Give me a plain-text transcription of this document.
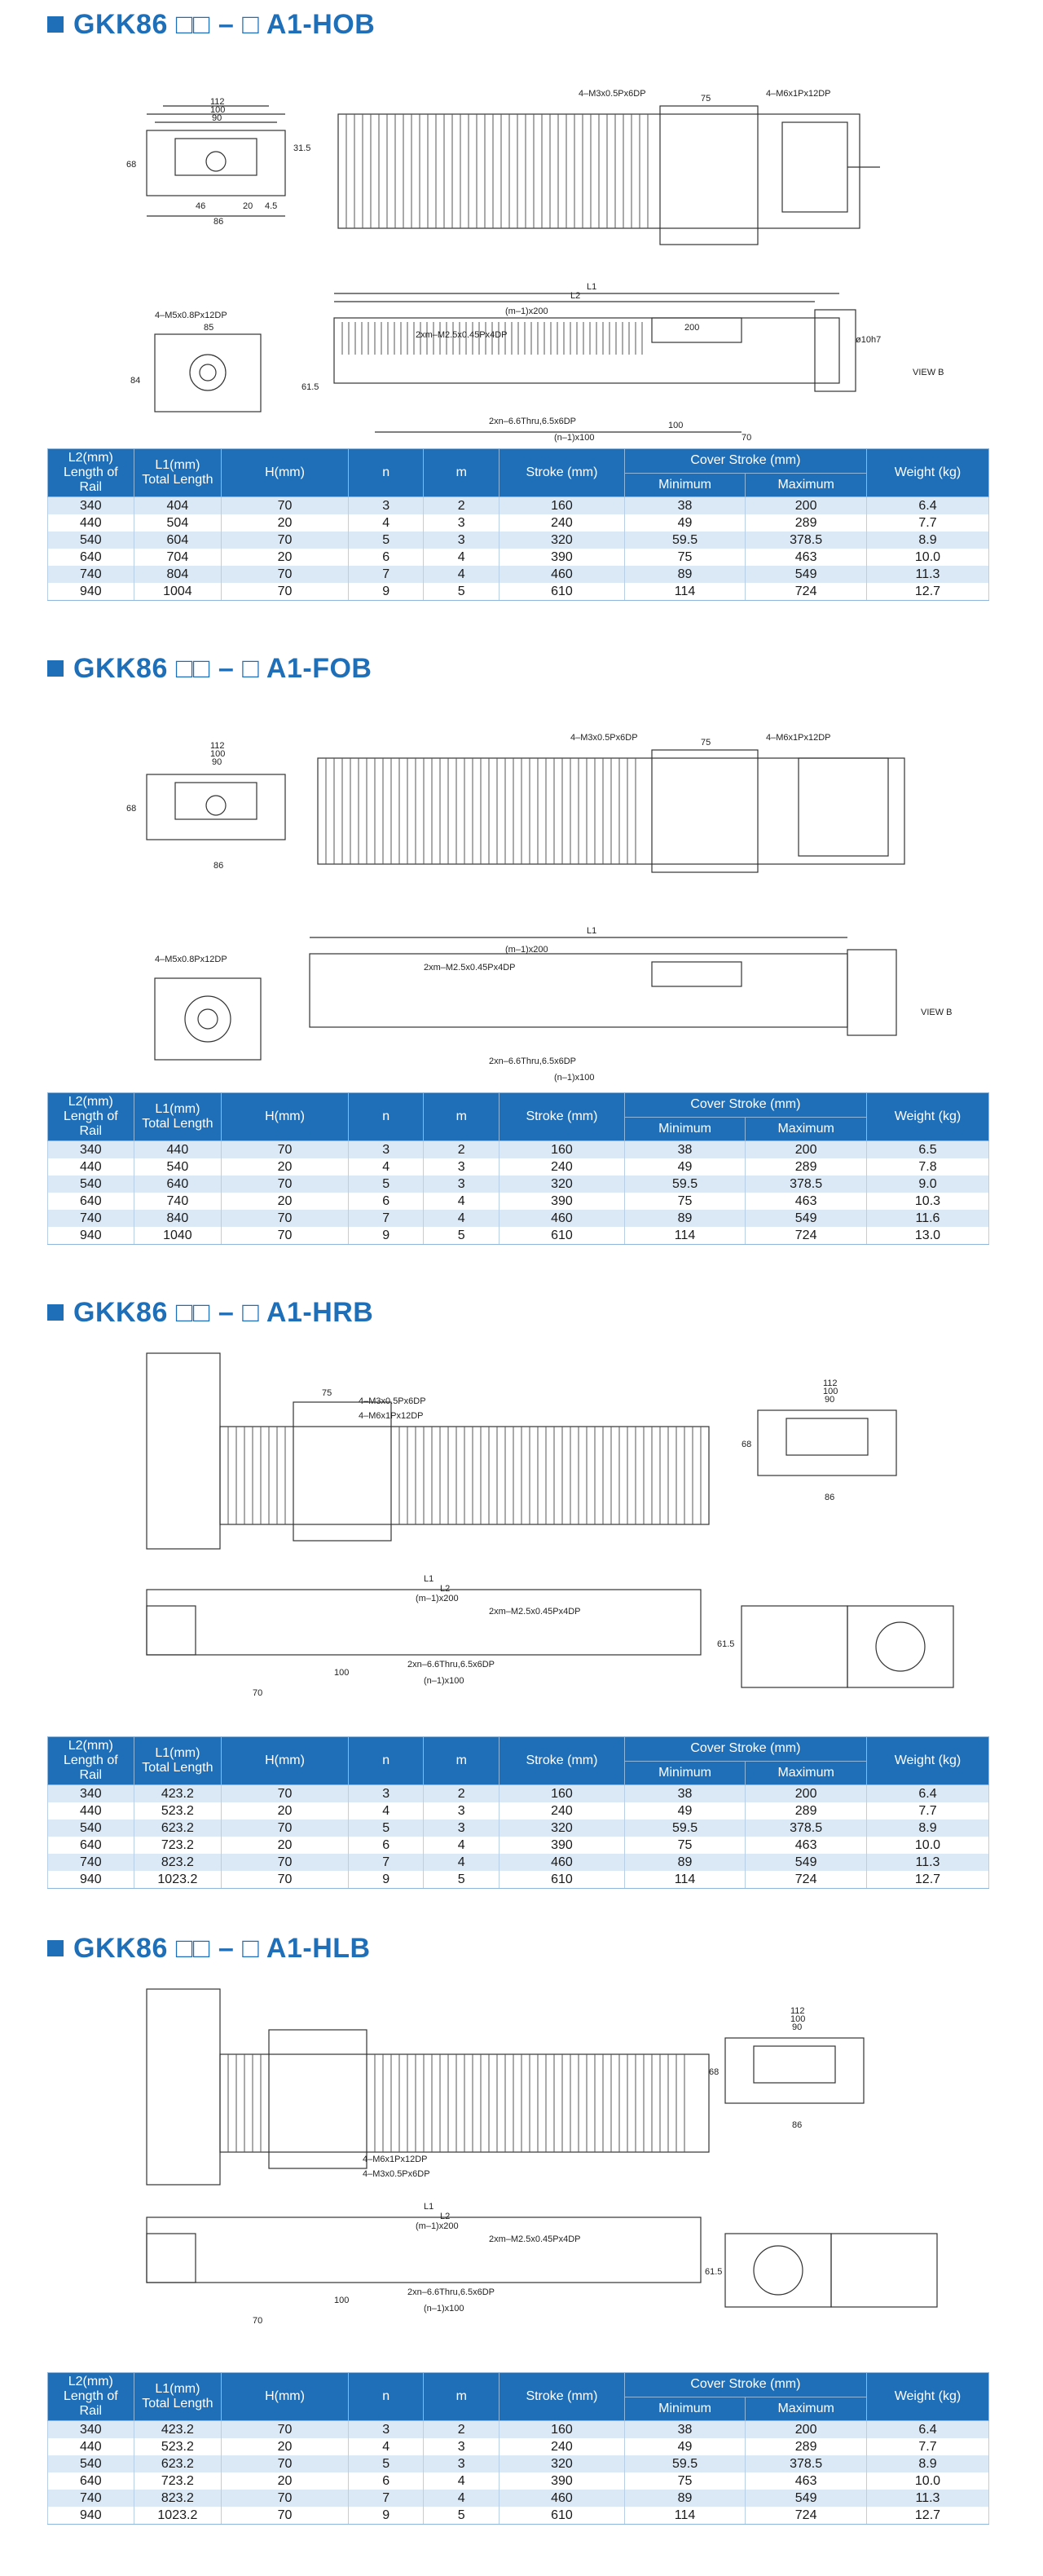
GKK86 □□ – □ A1-HOB
112
100
90
86
46	20 4.5
68
31.5
75
4–M3x0.5Px6DP	4–M6x1Px12DP
L1
L2
(m–1)x200
200
2xm–M2.5x0.45Px4DP
2xn–6.6Thru,6.5x6DP
(n–1)x100
100
70
61.5
VIEW B
4–M5x0.8Px12DP
85
84
ø10h7
L2(mm)
Length of Rail	L1(mm)
Total Length	H(mm)	n	m	Stroke (mm)	Cover Stroke (mm)		Weight (kg)
						Minimum	Maximum	
340	404	70	3	2	160	38	200	6.4
440	504	20	4	3	240	49	289	7.7
540	604	70	5	3	320	59.5	378.5	8.9
640	704	20	6	4	390	75	463	10.0
740	804	70	7	4	460	89	549	11.3
940	1004	70	9	5	610	114	724	12.7
GKK86 □□ – □ A1-FOB
112
100
90
86
68
75
4–M3x0.5Px6DP	4–M6x1Px12DP
L1
(m–1)x200
2xm–M2.5x0.45Px4DP
2xn–6.6Thru,6.5x6DP
(n–1)x100
4–M5x0.8Px12DP
VIEW B
L2(mm)
Length of Rail	L1(mm)
Total Length	H(mm)	n	m	Stroke (mm)	Cover Stroke (mm)		Weight (kg)
						Minimum	Maximum	
340	440	70	3	2	160	38	200	6.5
440	540	20	4	3	240	49	289	7.8
540	640	70	5	3	320	59.5	378.5	9.0
640	740	20	6	4	390	75	463	10.3
740	840	70	7	4	460	89	549	11.6
940	1040	70	9	5	610	114	724	13.0
GKK86 □□ – □ A1-HRB
75
4–M3x0.5Px6DP
4–M6x1Px12DP
112
100
90
86
68
L1
L2
(m–1)x200
2xm–M2.5x0.45Px4DP
2xn–6.6Thru,6.5x6DP
(n–1)x100
100
70
61.5
L2(mm)
Length of Rail	L1(mm)
Total Length	H(mm)	n	m	Stroke (mm)	Cover Stroke (mm)		Weight (kg)
						Minimum	Maximum	
340	423.2	70	3	2	160	38	200	6.4
440	523.2	20	4	3	240	49	289	7.7
540	623.2	70	5	3	320	59.5	378.5	8.9
640	723.2	20	6	4	390	75	463	10.0
740	823.2	70	7	4	460	89	549	11.3
940	1023.2	70	9	5	610	114	724	12.7
GKK86 □□ – □ A1-HLB
4–M6x1Px12DP
4–M3x0.5Px6DP
112
100
90
86
68
L1
L2
(m–1)x200
2xm–M2.5x0.45Px4DP
2xn–6.6Thru,6.5x6DP
(n–1)x100
100
70
61.5
L2(mm)
Length of Rail	L1(mm)
Total Length	H(mm)	n	m	Stroke (mm)	Cover Stroke (mm)		Weight (kg)
						Minimum	Maximum	
340	423.2	70	3	2	160	38	200	6.4
440	523.2	20	4	3	240	49	289	7.7
540	623.2	70	5	3	320	59.5	378.5	8.9
640	723.2	20	6	4	390	75	463	10.0
740	823.2	70	7	4	460	89	549	11.3
940	1023.2	70	9	5	610	114	724	12.7
